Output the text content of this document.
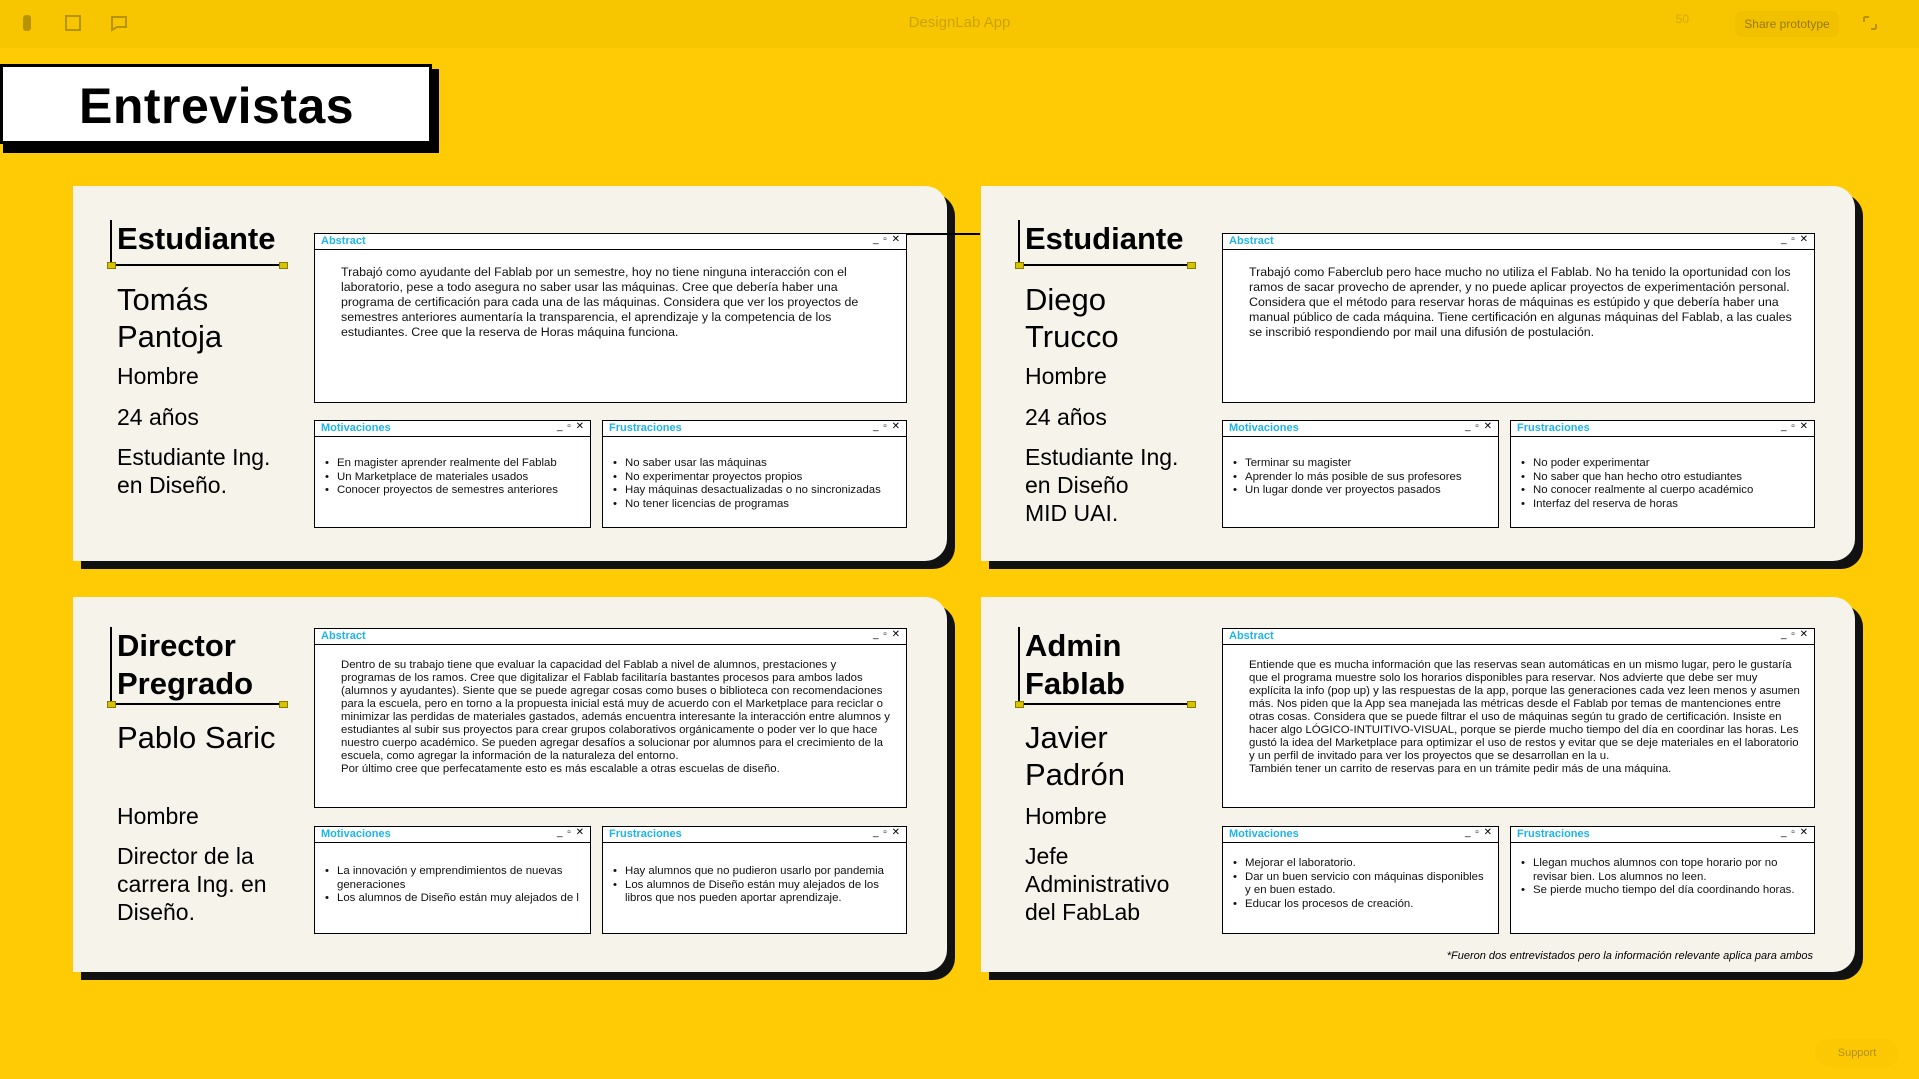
DesignLab App	50	Share prototype
Entrevistas
Estudiante
Tomás
Pantoja
Hombre
24 años
Estudiante Ing.
en Diseño.
Abstract	_ ▫ ✕
Trabajó como ayudante del Fablab por un semestre, hoy no tiene ninguna interacción con el laboratorio, pese a todo asegura no saber usar las máquinas. Cree que debería haber una programa de certificación para cada una de las máquinas. Considera que ver los proyectos de semestres anteriores aumentaría la transparencia, el aprendizaje y la competencia de los estudiantes. Cree que la reserva de Horas máquina funciona.
Motivaciones	_ ▫ ✕
• En magister aprender realmente del Fablab
• Un Marketplace de materiales usados
• Conocer proyectos de semestres anteriores
Frustraciones	_ ▫ ✕
• No saber usar las máquinas
• No experimentar proyectos propios
• Hay máquinas desactualizadas o no sincronizadas
• No tener licencias de programas
Estudiante
Diego
Trucco
Hombre
24 años
Estudiante Ing.
en Diseño
MID UAI.
Abstract	_ ▫ ✕
Trabajó como Faberclub pero hace mucho no utiliza el Fablab. No ha tenido la oportunidad con los ramos de sacar provecho de aprender, y no puede aplicar proyectos de experimentación personal.
Considera que el método para reservar horas de máquinas es estúpido y que debería haber una manual público de cada máquina. Tiene certificación en algunas máquinas del Fablab, a las cuales se inscribió respondiendo por mail una difusión de postulación.
Motivaciones	_ ▫ ✕
• Terminar su magister
• Aprender lo más posible de sus profesores
• Un lugar donde ver proyectos pasados
Frustraciones	_ ▫ ✕
• No poder experimentar
• No saber que han hecho otro estudiantes
• No conocer realmente al cuerpo académico
• Interfaz del reserva de horas
Director
Pregrado
Pablo Saric
Hombre
Director de la
carrera Ing. en
Diseño.
Abstract	_ ▫ ✕
Dentro de su trabajo tiene que evaluar la capacidad del Fablab a nivel de alumnos, prestaciones y programas de los ramos. Cree que digitalizar el Fablab facilitaría bastantes procesos para ambos lados (alumnos y ayudantes). Siente que se puede agregar cosas como buses o biblioteca con recomendaciones para la escuela, pero en torno a la propuesta inicial está muy de acuerdo con el Marketplace para reciclar o minimizar las perdidas de materiales gastados, además encuentra interesante la interacción entre alumnos y estudiantes al subir sus proyectos para crear grupos colaborativos orgánicamente o poder ver lo que hace nuestro cuerpo académico. Se pueden agregar desafíos a solucionar por alumnos para el crecimiento de la escuela, como agregar la información de la naturaleza del entorno.
Por último cree que perfecatamente esto es más escalable a otras escuelas de diseño.
Motivaciones	_ ▫ ✕
• La innovación y emprendimientos de nuevas generaciones
• Los alumnos de Diseño están muy alejados de l
Frustraciones	_ ▫ ✕
• Hay alumnos que no pudieron usarlo por pandemia
• Los alumnos de Diseño están muy alejados de los libros que nos pueden aportar aprendizaje.
Admin
Fablab
Javier
Padrón
Hombre
Jefe
Administrativo
del FabLab
*Fueron dos entrevistados pero la información relevante aplica para ambos
Abstract	_ ▫ ✕
Entiende que es mucha información que las reservas sean automáticas en un mismo lugar, pero le gustaría que el programa muestre solo los horarios disponibles para reservar. Nos advierte que debe ser muy explícita la info (pop up) y las respuestas de la app, porque las generaciones cada vez leen menos y asumen más. Nos piden que la App sea manejada las métricas desde el Fablab por temas de mantenciones entre otras cosas. Considera que se puede filtrar el uso de máquinas según tu grado de certificación. Insiste en hacer algo LÓGICO-INTUITIVO-VISUAL, porque se pierde mucho tiempo del día en coordinar las horas. Les gustó la idea del Marketplace para optimizar el uso de restos y evitar que se deje materiales en el laboratorio y un perfil de invitado para ver los proyectos que se desarrollan en la u.
También tener un carrito de reservas para en un trámite pedir más de una máquina.
Motivaciones	_ ▫ ✕
• Mejorar el laboratorio.
• Dar un buen servicio con máquinas disponibles y en buen estado.
• Educar los procesos de creación.
Frustraciones	_ ▫ ✕
• Llegan muchos alumnos con tope horario por no revisar bien. Los alumnos no leen.
• Se pierde mucho tiempo del día coordinando horas.
Support
